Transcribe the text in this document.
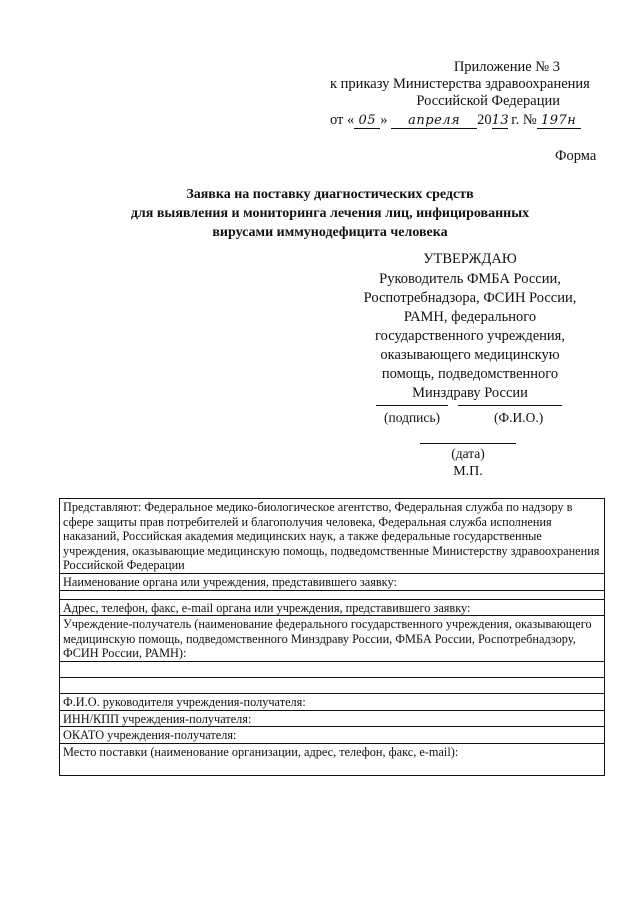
Приложение № 3
к приказу Министерства здравоохранения
Российской Федерации
от « 05 » апреля 2013 г. № 197н
Форма
Заявка на поставку диагностических средств
для выявления и мониторинга лечения лиц, инфицированных
вирусами иммунодефицита человека
УТВЕРЖДАЮ
Руководитель ФМБА России,
Роспотребнадзора, ФСИН России,
РАМН, федерального
государственного учреждения,
оказывающего медицинскую
помощь, подведомственного
Минздраву России
(подпись)	(Ф.И.О.)
(дата)
М.П.
Представляют: Федеральное медико-биологическое агентство, Федеральная служба по надзору в сфере защиты прав потребителей и благополучия человека, Федеральная служба исполнения наказаний, Российская академия медицинских наук, а также федеральные государственные учреждения, оказывающие медицинскую помощь, подведомственные Министерству здравоохранения Российской Федерации
Наименование органа или учреждения, представившего заявку:

Адрес, телефон, факс, e-mail органа или учреждения, представившего заявку:
Учреждение-получатель (наименование федерального государственного учреждения, оказывающего медицинскую помощь, подведомственного Минздраву России, ФМБА России, Роспотребнадзору, ФСИН России, РАМН):

Ф.И.О. руководителя учреждения-получателя:
ИНН/КПП учреждения-получателя:
ОКАТО учреждения-получателя:
Место поставки (наименование организации, адрес, телефон, факс, e-mail):
